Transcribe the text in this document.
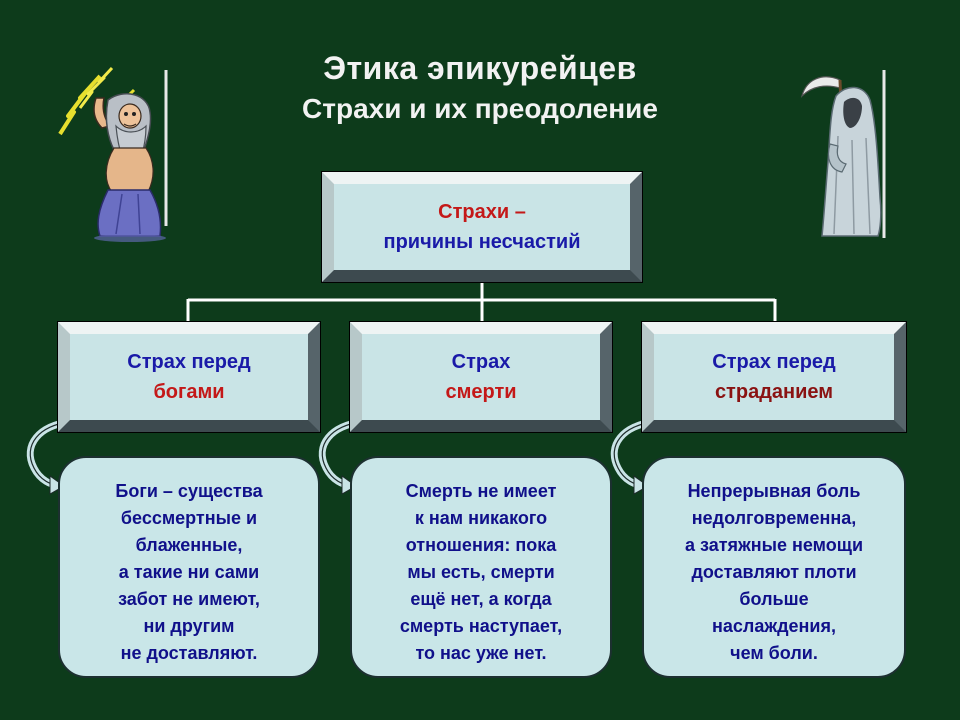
Этика эпикурейцев
Страхи и их преодоление
Страхи –
причины несчастий
Страх перед
богами
Страх
смерти
Страх перед
страданием
Боги – существа
бессмертные и
блаженные,
а такие ни сами
забот не имеют,
ни другим
не доставляют.
Смерть не имеет
к нам никакого
отношения: пока
мы есть, смерти
ещё нет, а когда
смерть наступает,
то нас уже нет.
Непрерывная боль
недолговременна,
а затяжные немощи
доставляют плоти
больше
наслаждения,
чем боли.
